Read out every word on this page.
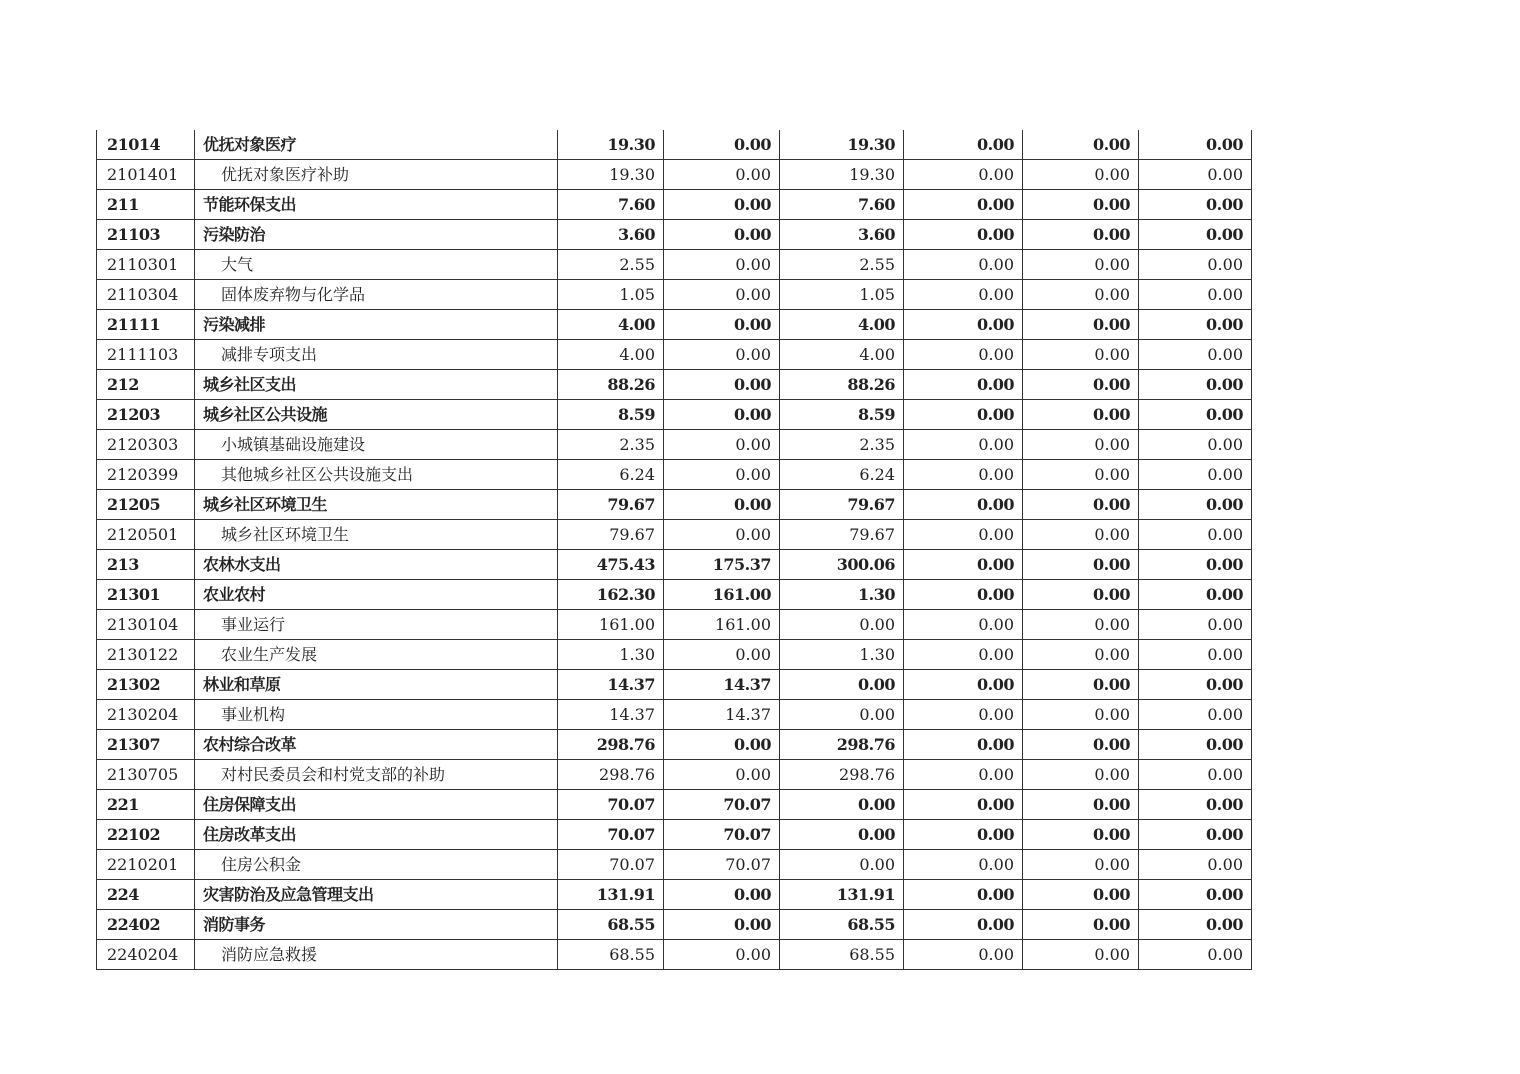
21014	优抚对象医疗	19.30	0.00	19.30	0.00	0.00	0.00
2101401	优抚对象医疗补助	19.30	0.00	19.30	0.00	0.00	0.00
211	节能环保支出	7.60	0.00	7.60	0.00	0.00	0.00
21103	污染防治	3.60	0.00	3.60	0.00	0.00	0.00
2110301	大气	2.55	0.00	2.55	0.00	0.00	0.00
2110304	固体废弃物与化学品	1.05	0.00	1.05	0.00	0.00	0.00
21111	污染减排	4.00	0.00	4.00	0.00	0.00	0.00
2111103	减排专项支出	4.00	0.00	4.00	0.00	0.00	0.00
212	城乡社区支出	88.26	0.00	88.26	0.00	0.00	0.00
21203	城乡社区公共设施	8.59	0.00	8.59	0.00	0.00	0.00
2120303	小城镇基础设施建设	2.35	0.00	2.35	0.00	0.00	0.00
2120399	其他城乡社区公共设施支出	6.24	0.00	6.24	0.00	0.00	0.00
21205	城乡社区环境卫生	79.67	0.00	79.67	0.00	0.00	0.00
2120501	城乡社区环境卫生	79.67	0.00	79.67	0.00	0.00	0.00
213	农林水支出	475.43	175.37	300.06	0.00	0.00	0.00
21301	农业农村	162.30	161.00	1.30	0.00	0.00	0.00
2130104	事业运行	161.00	161.00	0.00	0.00	0.00	0.00
2130122	农业生产发展	1.30	0.00	1.30	0.00	0.00	0.00
21302	林业和草原	14.37	14.37	0.00	0.00	0.00	0.00
2130204	事业机构	14.37	14.37	0.00	0.00	0.00	0.00
21307	农村综合改革	298.76	0.00	298.76	0.00	0.00	0.00
2130705	对村民委员会和村党支部的补助	298.76	0.00	298.76	0.00	0.00	0.00
221	住房保障支出	70.07	70.07	0.00	0.00	0.00	0.00
22102	住房改革支出	70.07	70.07	0.00	0.00	0.00	0.00
2210201	住房公积金	70.07	70.07	0.00	0.00	0.00	0.00
224	灾害防治及应急管理支出	131.91	0.00	131.91	0.00	0.00	0.00
22402	消防事务	68.55	0.00	68.55	0.00	0.00	0.00
2240204	消防应急救援	68.55	0.00	68.55	0.00	0.00	0.00
